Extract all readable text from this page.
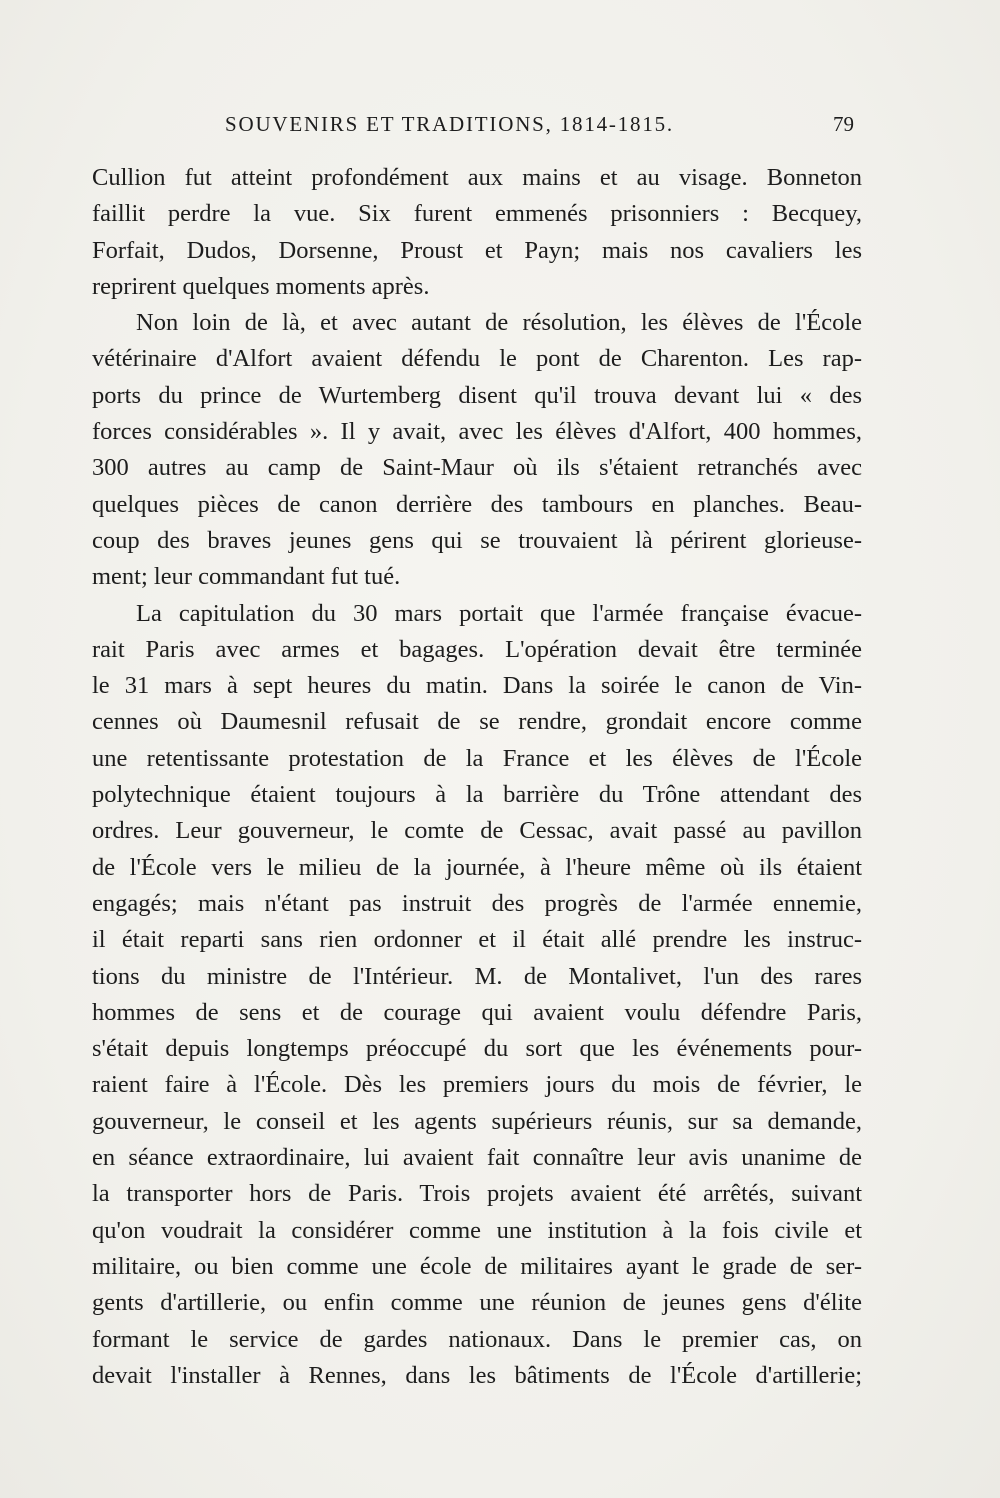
SOUVENIRS ET TRADITIONS, 1814-1815.	79
Cullion fut atteint profondément aux mains et au visage. Bonneton
faillit perdre la vue. Six furent emmenés prisonniers : Becquey,
Forfait, Dudos, Dorsenne, Proust et Payn; mais nos cavaliers les
reprirent quelques moments après.
Non loin de là, et avec autant de résolution, les élèves de l'École
vétérinaire d'Alfort avaient défendu le pont de Charenton. Les rap-
ports du prince de Wurtemberg disent qu'il trouva devant lui « des
forces considérables ». Il y avait, avec les élèves d'Alfort, 400 hommes,
300 autres au camp de Saint-Maur où ils s'étaient retranchés avec
quelques pièces de canon derrière des tambours en planches. Beau-
coup des braves jeunes gens qui se trouvaient là périrent glorieuse-
ment; leur commandant fut tué.
La capitulation du 30 mars portait que l'armée française évacue-
rait Paris avec armes et bagages. L'opération devait être terminée
le 31 mars à sept heures du matin. Dans la soirée le canon de Vin-
cennes où Daumesnil refusait de se rendre, grondait encore comme
une retentissante protestation de la France et les élèves de l'École
polytechnique étaient toujours à la barrière du Trône attendant des
ordres. Leur gouverneur, le comte de Cessac, avait passé au pavillon
de l'École vers le milieu de la journée, à l'heure même où ils étaient
engagés; mais n'étant pas instruit des progrès de l'armée ennemie,
il était reparti sans rien ordonner et il était allé prendre les instruc-
tions du ministre de l'Intérieur. M. de Montalivet, l'un des rares
hommes de sens et de courage qui avaient voulu défendre Paris,
s'était depuis longtemps préoccupé du sort que les événements pour-
raient faire à l'École. Dès les premiers jours du mois de février, le
gouverneur, le conseil et les agents supérieurs réunis, sur sa demande,
en séance extraordinaire, lui avaient fait connaître leur avis unanime de
la transporter hors de Paris. Trois projets avaient été arrêtés, suivant
qu'on voudrait la considérer comme une institution à la fois civile et
militaire, ou bien comme une école de militaires ayant le grade de ser-
gents d'artillerie, ou enfin comme une réunion de jeunes gens d'élite
formant le service de gardes nationaux. Dans le premier cas, on
devait l'installer à Rennes, dans les bâtiments de l'École d'artillerie;
